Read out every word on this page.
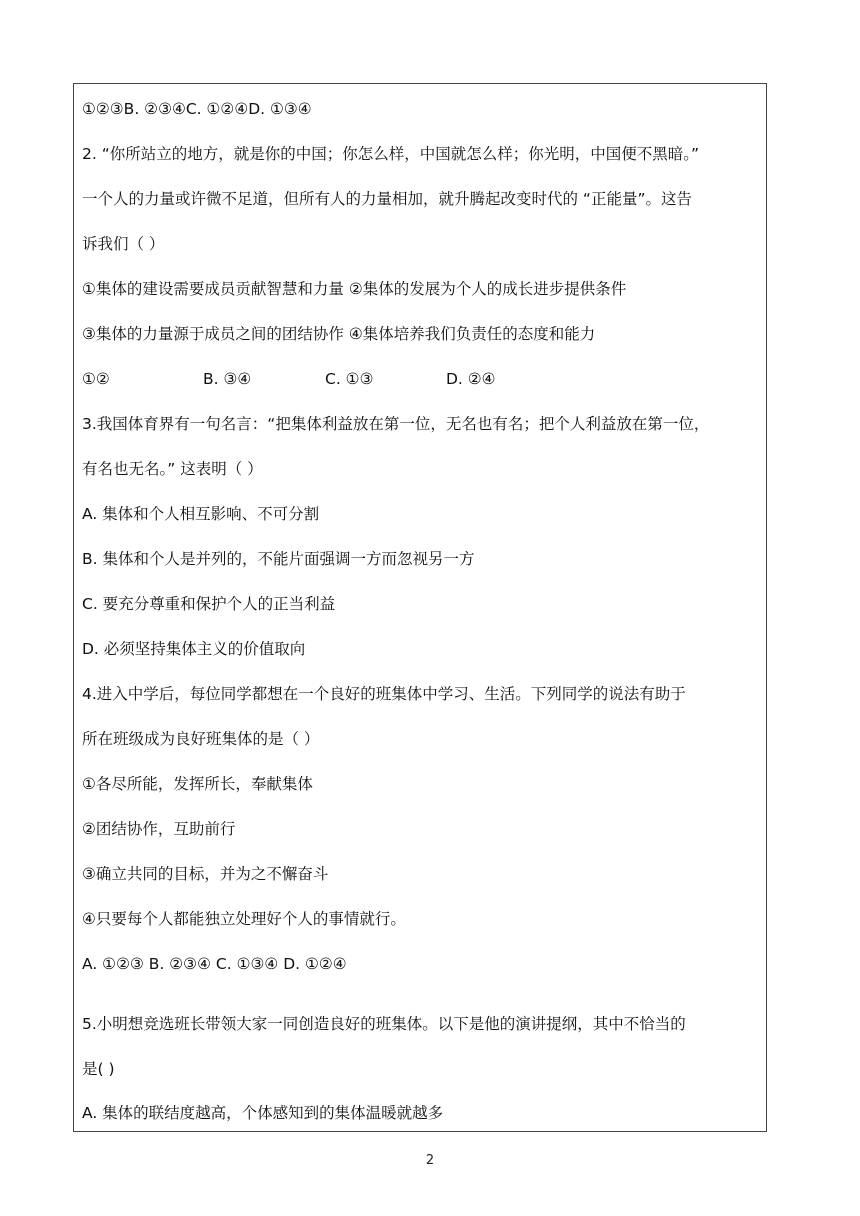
①②③B. ②③④C. ①②④D. ①③④

2. “你所站立的地方，就是你的中国；你怎么样，中国就怎么样；你光明，中国便不黑暗。”

一个人的力量或许微不足道，但所有人的力量相加，就升腾起改变时代的 “正能量”。这告

诉我们（ ）

①集体的建设需要成员贡献智慧和力量 ②集体的发展为个人的成长进步提供条件

③集体的力量源于成员之间的团结协作 ④集体培养我们负责任的态度和能力

①②	B. ③④	C. ①③	D. ②④

3.我国体育界有一句名言：“把集体利益放在第一位，无名也有名；把个人利益放在第一位，

有名也无名。” 这表明（ ）

A. 集体和个人相互影响、不可分割

B. 集体和个人是并列的，不能片面强调一方而忽视另一方

C. 要充分尊重和保护个人的正当利益

D. 必须坚持集体主义的价值取向

4.进入中学后，每位同学都想在一个良好的班集体中学习、生活。下列同学的说法有助于

所在班级成为良好班集体的是（ ）

①各尽所能，发挥所长，奉献集体

②团结协作，互助前行

③确立共同的目标，并为之不懈奋斗

④只要每个人都能独立处理好个人的事情就行。

A. ①②③ B. ②③④ C. ①③④ D. ①②④

5.小明想竞选班长带领大家一同创造良好的班集体。以下是他的演讲提纲，其中不恰当的

是( )

A. 集体的联结度越高，个体感知到的集体温暖就越多

2
